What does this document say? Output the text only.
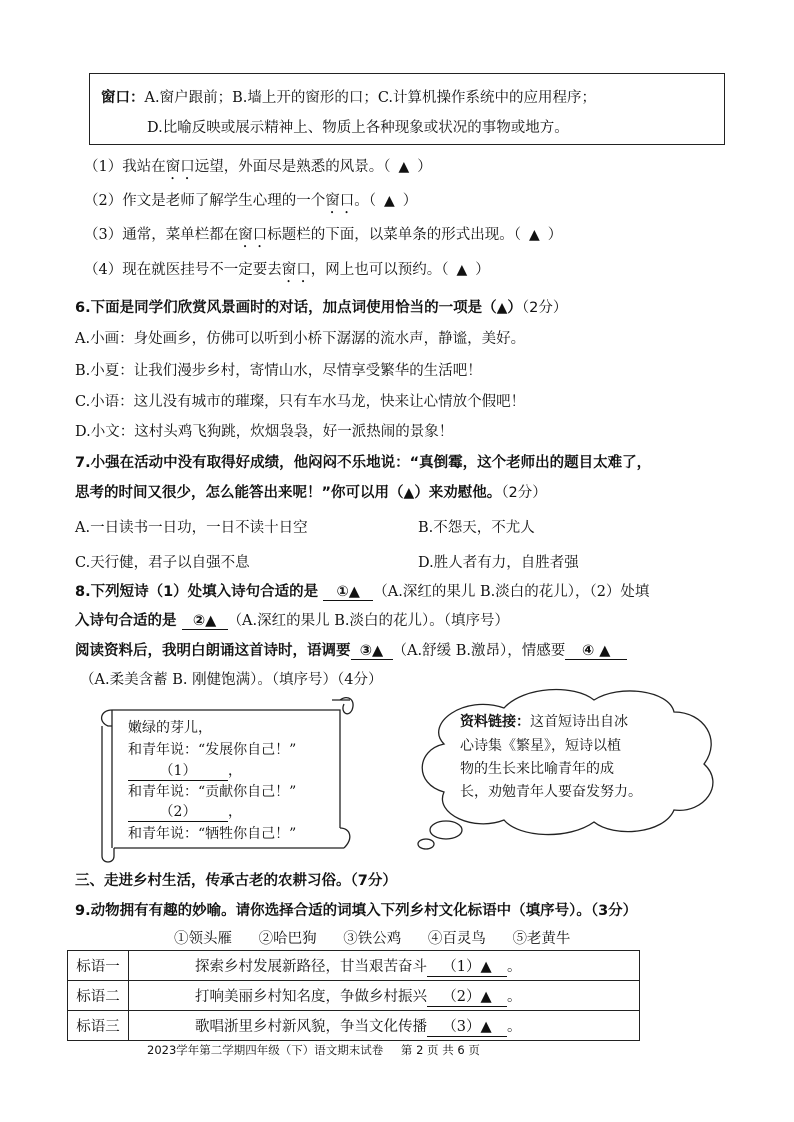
窗口：A.窗户跟前；B.墙上开的窗形的口；C.计算机操作系统中的应用程序；
D.比喻反映或展示精神上、物质上各种现象或状况的事物或地方。
（1）我站在窗口远望，外面尽是熟悉的风景。（ ▲ ）
（2）作文是老师了解学生心理的一个窗口。（ ▲ ）
（3）通常，菜单栏都在窗口标题栏的下面，以菜单条的形式出现。（ ▲ ）
（4）现在就医挂号不一定要去窗口，网上也可以预约。（ ▲ ）
6.下面是同学们欣赏风景画时的对话，加点词使用恰当的一项是（▲）（2分）
A.小画：身处画乡，仿佛可以听到小桥下潺潺的流水声，静谧，美好。
B.小夏：让我们漫步乡村，寄情山水，尽情享受繁华的生活吧！
C.小语：这儿没有城市的璀璨，只有车水马龙，快来让心情放个假吧！
D.小文：这村头鸡飞狗跳，炊烟袅袅，好一派热闹的景象！
7.小强在活动中没有取得好成绩，他闷闷不乐地说：“真倒霉，这个老师出的题目太难了，
思考的时间又很少，怎么能答出来呢！”你可以用（▲）来劝慰他。（2分）
A.一日读书一日功，一日不读十日空	B.不怨天，不尤人
C.天行健，君子以自强不息	D.胜人者有力，自胜者强
8.下列短诗（1）处填入诗句合适的是 ①▲ （A.深红的果儿 B.淡白的花儿），（2）处填
入诗句合适的是 ②▲ （A.深红的果儿 B.淡白的花儿）。（填序号）
阅读资料后，我明白朗诵这首诗时，语调要 ③▲ （A.舒缓 B.激昂），情感要 ④ ▲
（A.柔美含蓄 B. 刚健饱满）。（填序号）（4分）
嫩绿的芽儿，
和青年说：“发展你自己！”
（1） ，
和青年说：“贡献你自己！”
（2） ，
和青年说：“牺牲你自己！”
资料链接：这首短诗出自冰
心诗集《繁星》，短诗以植
物的生长来比喻青年的成
长，劝勉青年人要奋发努力。
三、走进乡村生活，传承古老的农耕习俗。（7分）
9.动物拥有有趣的妙喻。请你选择合适的词填入下列乡村文化标语中（填序号）。（3分）
①领头雁 ②哈巴狗 ③铁公鸡 ④百灵鸟 ⑤老黄牛
标语一	探索乡村发展新路径，甘当艰苦奋斗 （1）▲ 。
标语二	打响美丽乡村知名度，争做乡村振兴 （2）▲ 。
标语三	歌唱浙里乡村新风貌，争当文化传播 （3）▲ 。
2023学年第二学期四年级（下）语文期末试卷 第 2 页 共 6 页
